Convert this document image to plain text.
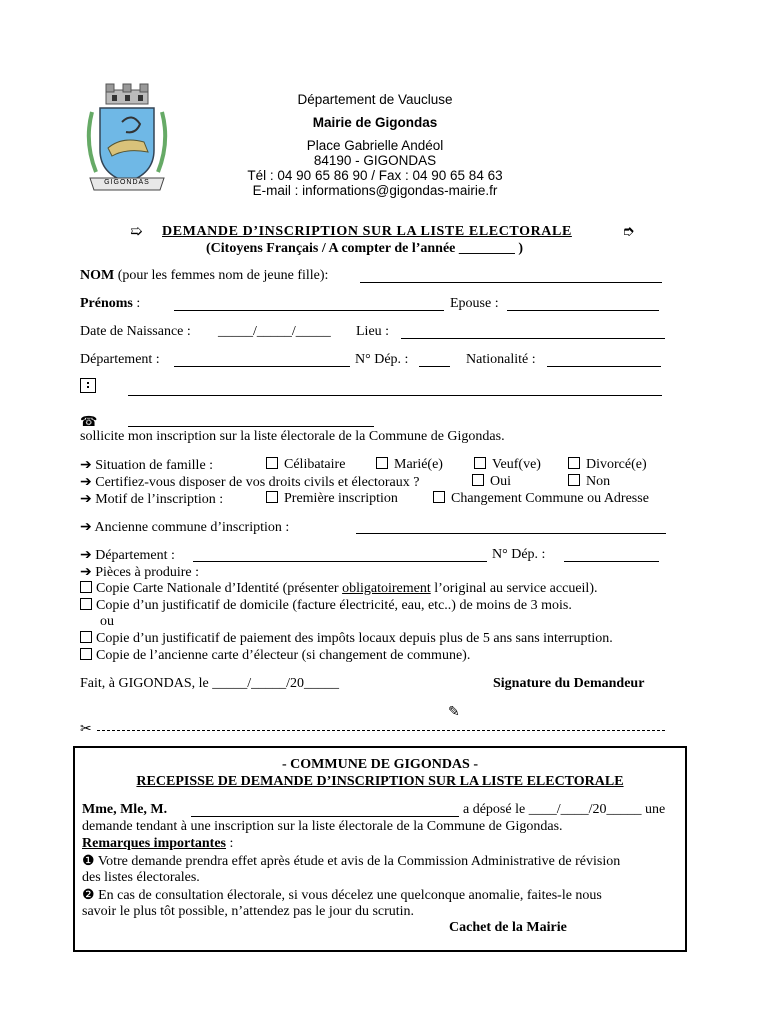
GIGONDAS
Département de Vaucluse
Mairie de Gigondas
Place Gabrielle Andéol
84190 - GIGONDAS
Tél : 04 90 65 86 90 / Fax : 04 90 65 84 63
E-mail : informations@gigondas-mairie.fr
➯ DEMANDE D’INSCRIPTION SUR LA LISTE ELECTORALE	➮
(Citoyens Français / A compter de l’année ________ )
NOM (pour les femmes nom de jeune fille):
Prénoms :	Epouse :
Date de Naissance : _____/_____/_____ Lieu :
Département :	N° Dép. :	Nationalité :
☎
sollicite mon inscription sur la liste électorale de la Commune de Gigondas.
➔ Situation de famille :	Célibataire	Marié(e)	Veuf(ve)	Divorcé(e)
➔ Certifiez-vous disposer de vos droits civils et électoraux ?	Oui	Non
➔ Motif de l’inscription :	Première inscription	Changement Commune ou Adresse
➔ Ancienne commune d’inscription :
➔ Département :	N° Dép. :
➔ Pièces à produire :
Copie Carte Nationale d’Identité (présenter obligatoirement l’original au service accueil).
Copie d’un justificatif de domicile (facture électricité, eau, etc..) de moins de 3 mois.
ou
Copie d’un justificatif de paiement des impôts locaux depuis plus de 5 ans sans interruption.
Copie de l’ancienne carte d’électeur (si changement de commune).
Fait, à GIGONDAS, le _____/_____/20_____	Signature du Demandeur
✎
✂
- COMMUNE DE GIGONDAS -
RECEPISSE DE DEMANDE D’INSCRIPTION SUR LA LISTE ELECTORALE
Mme, Mle, M.	a déposé le ____/____/20_____ une
demande tendant à une inscription sur la liste électorale de la Commune de Gigondas.
Remarques importantes :
❶ Votre demande prendra effet après étude et avis de la Commission Administrative de révision
des listes électorales.
❷ En cas de consultation électorale, si vous décelez une quelconque anomalie, faites-le nous
savoir le plus tôt possible, n’attendez pas le jour du scrutin.
Cachet de la Mairie
